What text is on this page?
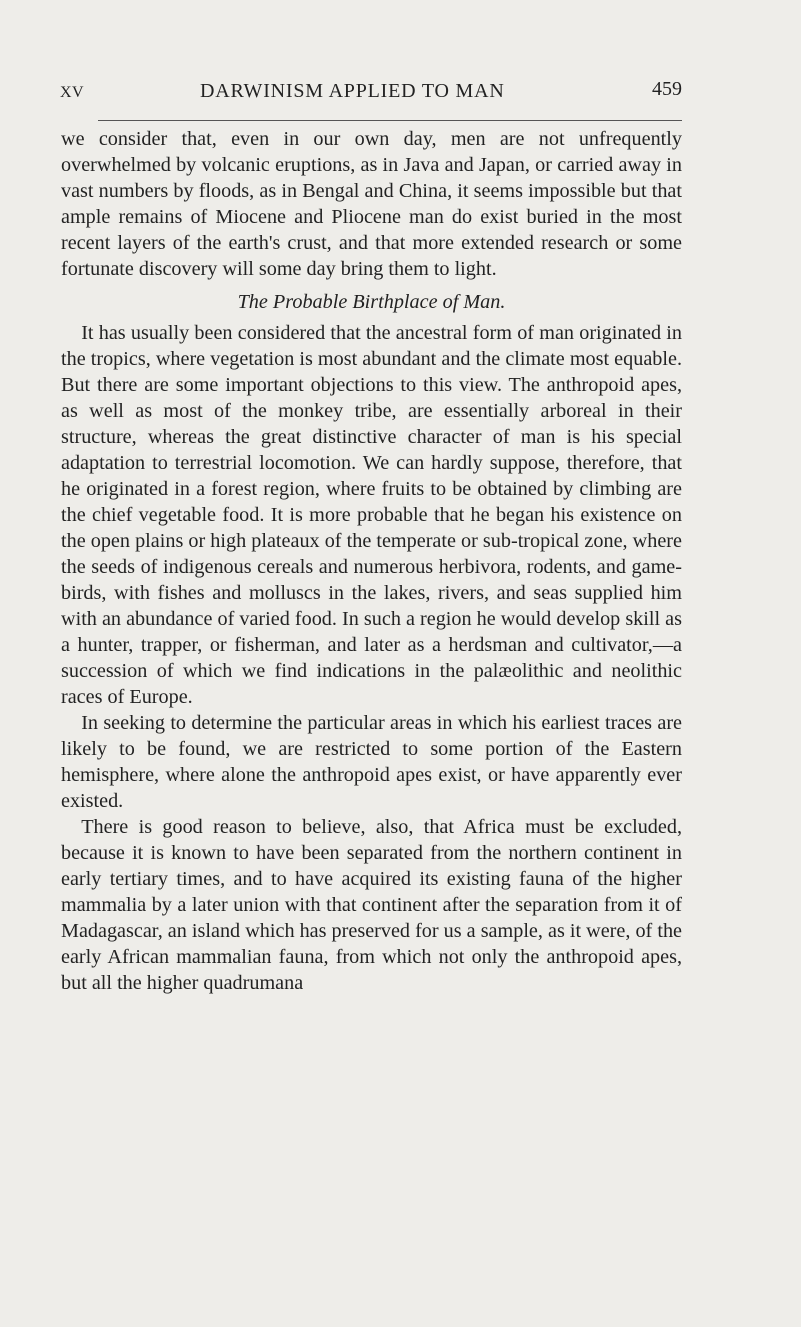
XV	DARWINISM APPLIED TO MAN	459

we consider that, even in our own day, men are not unfrequently overwhelmed by volcanic eruptions, as in Java and Japan, or carried away in vast numbers by floods, as in Bengal and China, it seems impossible but that ample remains of Miocene and Pliocene man do exist buried in the most recent layers of the earth's crust, and that more extended research or some fortunate discovery will some day bring them to light.

The Probable Birthplace of Man.

It has usually been considered that the ancestral form of man originated in the tropics, where vegetation is most abundant and the climate most equable. But there are some important objections to this view. The anthropoid apes, as well as most of the monkey tribe, are essentially arboreal in their structure, whereas the great distinctive character of man is his special adaptation to terrestrial locomotion. We can hardly suppose, therefore, that he originated in a forest region, where fruits to be obtained by climbing are the chief vegetable food. It is more probable that he began his existence on the open plains or high plateaux of the temperate or sub-tropical zone, where the seeds of indigenous cereals and numerous herbivora, rodents, and game-birds, with fishes and molluscs in the lakes, rivers, and seas supplied him with an abundance of varied food. In such a region he would develop skill as a hunter, trapper, or fisherman, and later as a herdsman and cultivator,—a succession of which we find indications in the palæolithic and neolithic races of Europe.

In seeking to determine the particular areas in which his earliest traces are likely to be found, we are restricted to some portion of the Eastern hemisphere, where alone the anthropoid apes exist, or have apparently ever existed.

There is good reason to believe, also, that Africa must be excluded, because it is known to have been separated from the northern continent in early tertiary times, and to have acquired its existing fauna of the higher mammalia by a later union with that continent after the separation from it of Madagascar, an island which has preserved for us a sample, as it were, of the early African mammalian fauna, from which not only the anthropoid apes, but all the higher quadrumana
